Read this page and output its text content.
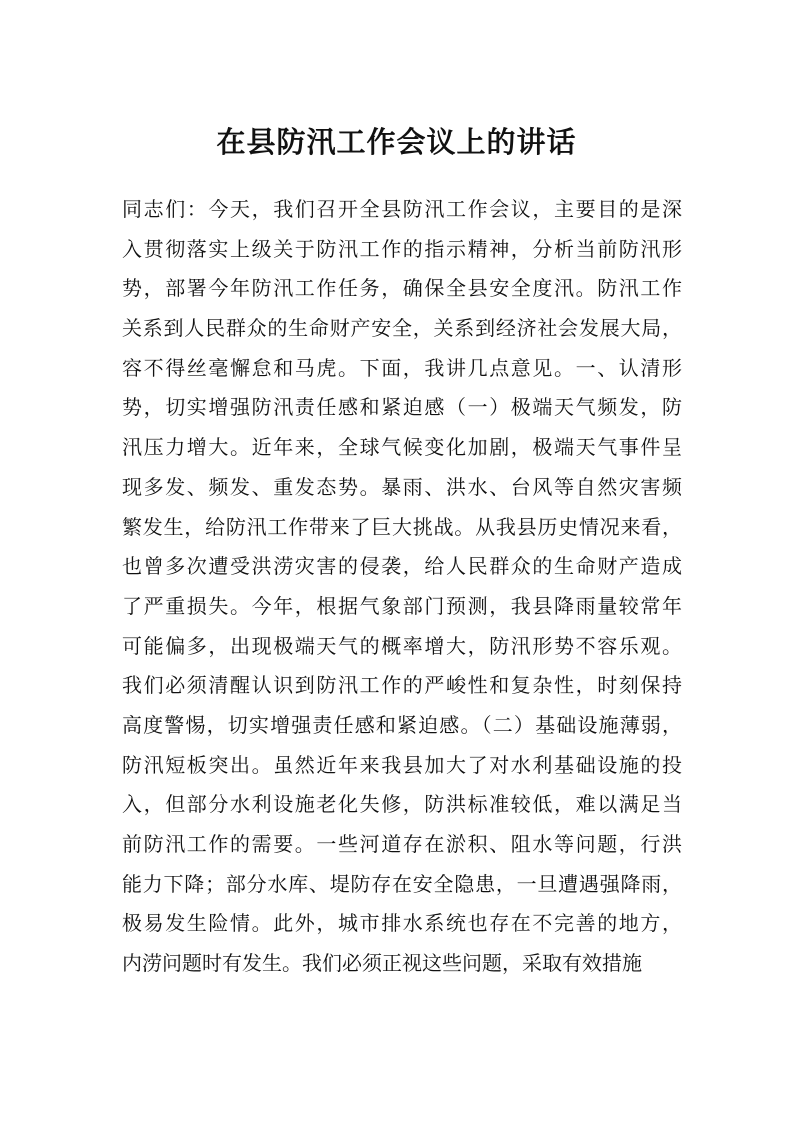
在县防汛工作会议上的讲话
同志们：今天，我们召开全县防汛工作会议，主要目的是深
入贯彻落实上级关于防汛工作的指示精神，分析当前防汛形
势，部署今年防汛工作任务，确保全县安全度汛。防汛工作
关系到人民群众的生命财产安全，关系到经济社会发展大局，
容不得丝毫懈怠和马虎。下面，我讲几点意见。一、认清形
势，切实增强防汛责任感和紧迫感（一）极端天气频发，防
汛压力增大。近年来，全球气候变化加剧，极端天气事件呈
现多发、频发、重发态势。暴雨、洪水、台风等自然灾害频
繁发生，给防汛工作带来了巨大挑战。从我县历史情况来看，
也曾多次遭受洪涝灾害的侵袭，给人民群众的生命财产造成
了严重损失。今年，根据气象部门预测，我县降雨量较常年
可能偏多，出现极端天气的概率增大，防汛形势不容乐观。
我们必须清醒认识到防汛工作的严峻性和复杂性，时刻保持
高度警惕，切实增强责任感和紧迫感。（二）基础设施薄弱，
防汛短板突出。虽然近年来我县加大了对水利基础设施的投
入，但部分水利设施老化失修，防洪标准较低，难以满足当
前防汛工作的需要。一些河道存在淤积、阻水等问题，行洪
能力下降；部分水库、堤防存在安全隐患，一旦遭遇强降雨，
极易发生险情。此外，城市排水系统也存在不完善的地方，
内涝问题时有发生。我们必须正视这些问题，采取有效措施
